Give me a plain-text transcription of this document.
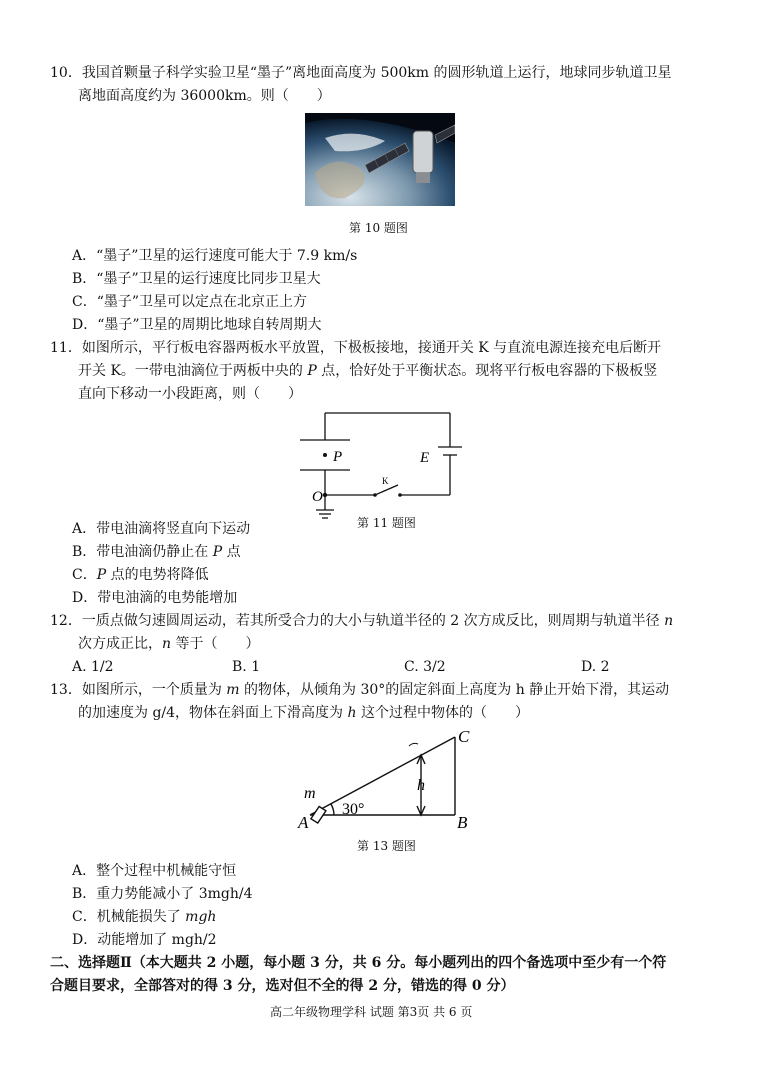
10．我国首颗量子科学实验卫星“墨子”离地面高度为 500km 的圆形轨道上运行，地球同步轨道卫星
离地面高度约为 36000km。则（　　）
第 10 题图
A．“墨子”卫星的运行速度可能大于 7.9 km/s
B．“墨子”卫星的运行速度比同步卫星大
C．“墨子”卫星可以定点在北京正上方
D．“墨子”卫星的周期比地球自转周期大
11．如图所示，平行板电容器两板水平放置，下极板接地，接通开关 K 与直流电源连接充电后断开
开关 K。一带电油滴位于两板中央的 P 点，恰好处于平衡状态。现将平行板电容器的下极板竖
直向下移动一小段距离，则（　　）
P	E
O
K
第 11 题图
A．带电油滴将竖直向下运动
B．带电油滴仍静止在 P 点
C．P 点的电势将降低
D．带电油滴的电势能增加
12．一质点做匀速圆周运动，若其所受合力的大小与轨道半径的 2 次方成反比，则周期与轨道半径 n
次方成正比，n 等于（　　）
A. 1/2	B. 1	C. 3/2	D. 2
13．如图所示，一个质量为 m 的物体，从倾角为 30°的固定斜面上高度为 h 静止开始下滑，其运动
的加速度为 g/4，物体在斜面上下滑高度为 h 这个过程中物体的（　　）
A	B
C
m	h
30°
第 13 题图
A．整个过程中机械能守恒
B．重力势能减小了 3mgh/4
C．机械能损失了 mgh
D．动能增加了 mgh/2
二、选择题Ⅱ（本大题共 2 小题，每小题 3 分，共 6 分。每小题列出的四个备选项中至少有一个符
合题目要求，全部答对的得 3 分，选对但不全的得 2 分，错选的得 0 分）
高二年级物理学科 试题 第3页 共 6 页
